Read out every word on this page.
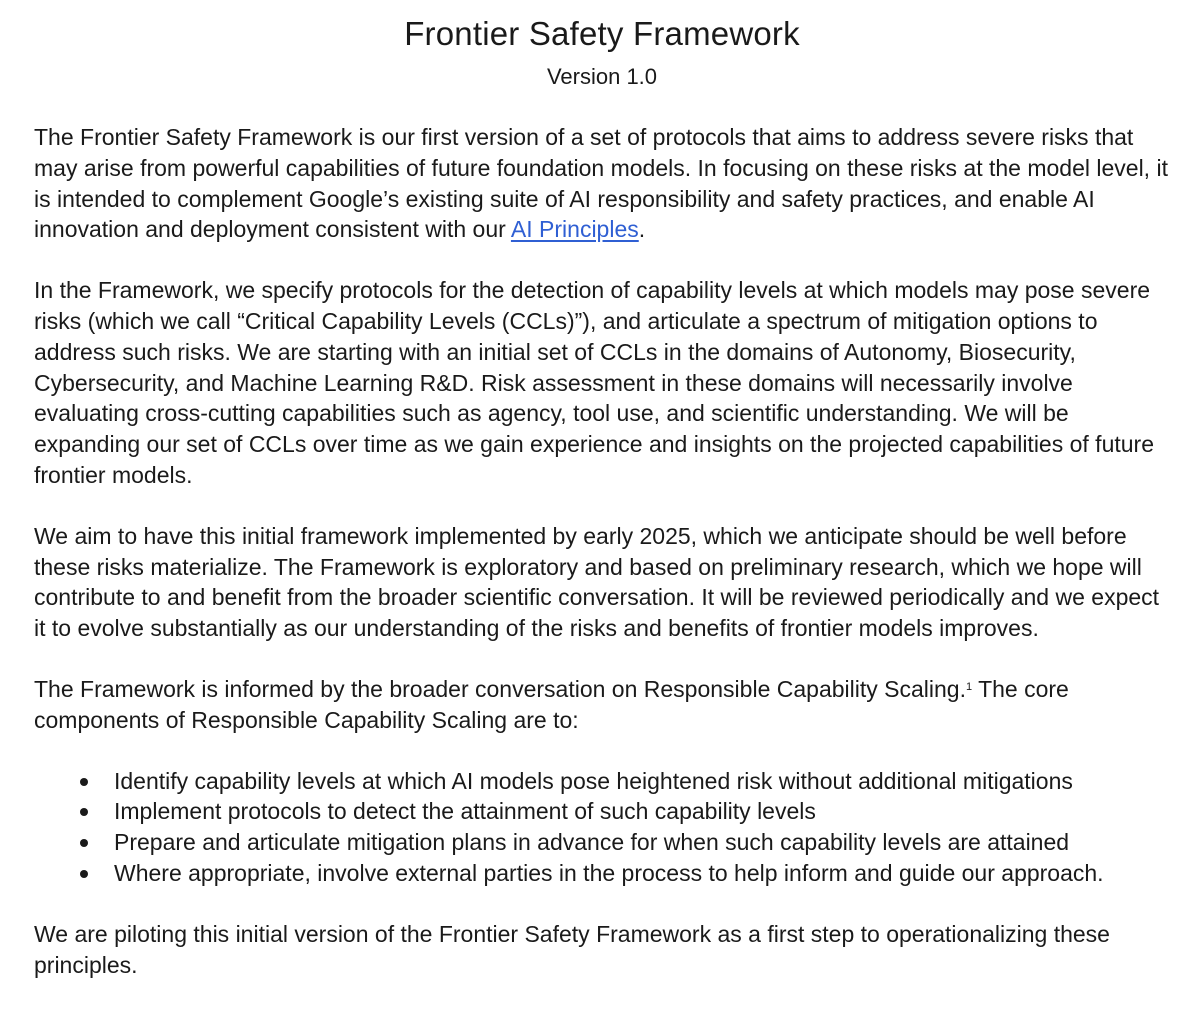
Frontier Safety Framework
Version 1.0

The Frontier Safety Framework is our first version of a set of protocols that aims to address severe risks that may arise from powerful capabilities of future foundation models. In focusing on these risks at the model level, it is intended to complement Google’s existing suite of AI responsibility and safety practices, and enable AI innovation and deployment consistent with our AI Principles.

In the Framework, we specify protocols for the detection of capability levels at which models may pose severe risks (which we call “Critical Capability Levels (CCLs)”), and articulate a spectrum of mitigation options to address such risks. We are starting with an initial set of CCLs in the domains of Autonomy, Biosecurity, Cybersecurity, and Machine Learning R&D. Risk assessment in these domains will necessarily involve evaluating cross-cutting capabilities such as agency, tool use, and scientific understanding. We will be expanding our set of CCLs over time as we gain experience and insights on the projected capabilities of future frontier models.

We aim to have this initial framework implemented by early 2025, which we anticipate should be well before these risks materialize. The Framework is exploratory and based on preliminary research, which we hope will contribute to and benefit from the broader scientific conversation. It will be reviewed periodically and we expect it to evolve substantially as our understanding of the risks and benefits of frontier models improves.

The Framework is informed by the broader conversation on Responsible Capability Scaling.$^1$ The core components of Responsible Capability Scaling are to:

Identify capability levels at which AI models pose heightened risk without additional mitigations
Implement protocols to detect the attainment of such capability levels
Prepare and articulate mitigation plans in advance for when such capability levels are attained
Where appropriate, involve external parties in the process to help inform and guide our approach.

We are piloting this initial version of the Frontier Safety Framework as a first step to operationalizing these principles.
